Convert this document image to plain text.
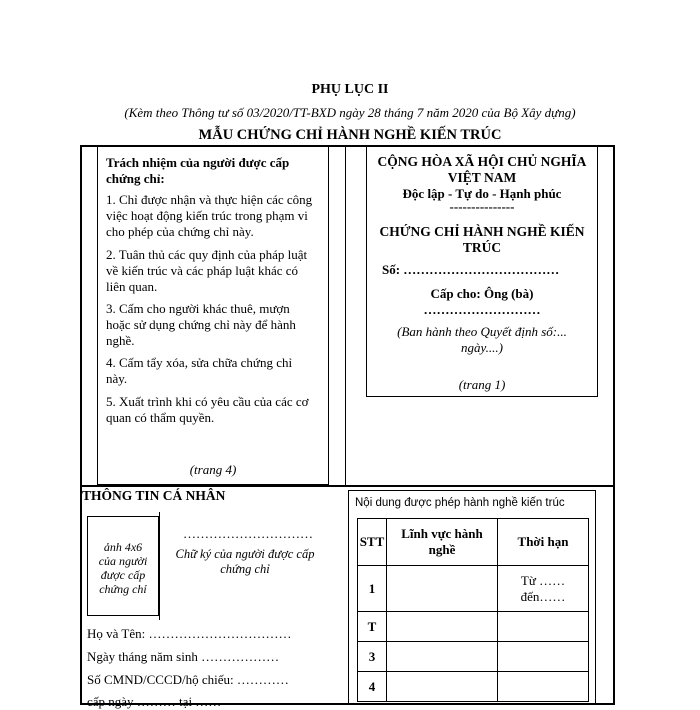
PHỤ LỤC II
(Kèm theo Thông tư số 03/2020/TT-BXD ngày 28 tháng 7 năm 2020 của Bộ Xây dựng)
MẪU CHỨNG CHỈ HÀNH NGHỀ KIẾN TRÚC
Trách nhiệm của người được cấp
chứng chỉ:
1. Chỉ được nhận và thực hiện các công
việc hoạt động kiến trúc trong phạm vi
cho phép của chứng chỉ này.
2. Tuân thủ các quy định của pháp luật
về kiến trúc và các pháp luật khác có
liên quan.
3. Cấm cho người khác thuê, mượn
hoặc sử dụng chứng chỉ này để hành
nghề.
4. Cấm tẩy xóa, sửa chữa chứng chỉ
này.
5. Xuất trình khi có yêu cầu của các cơ
quan có thẩm quyền.
(trang 4)
CỘNG HÒA XÃ HỘI CHỦ NGHĨA
VIỆT NAM
Độc lập - Tự do - Hạnh phúc
---------------
CHỨNG CHỈ HÀNH NGHỀ KIẾN
TRÚC
Số: ………………………………
Cấp cho: Ông (bà)
………………………
(Ban hành theo Quyết định số:...
ngày....)
(trang 1)
THÔNG TIN CÁ NHÂN
ảnh 4x6
của người
được cấp
chứng chỉ
…………………………
Chữ ký của người được cấp
chứng chỉ
Họ và Tên: ……………………………
Ngày tháng năm sinh ………………
Số CMND/CCCD/hộ chiếu: …………
cấp ngày ……… tại ……
Nội dung được phép hành nghề kiến trúc
STT	Lĩnh vực hành nghề	Thời hạn
1		Từ ……
đến……

T		
3		
4		
